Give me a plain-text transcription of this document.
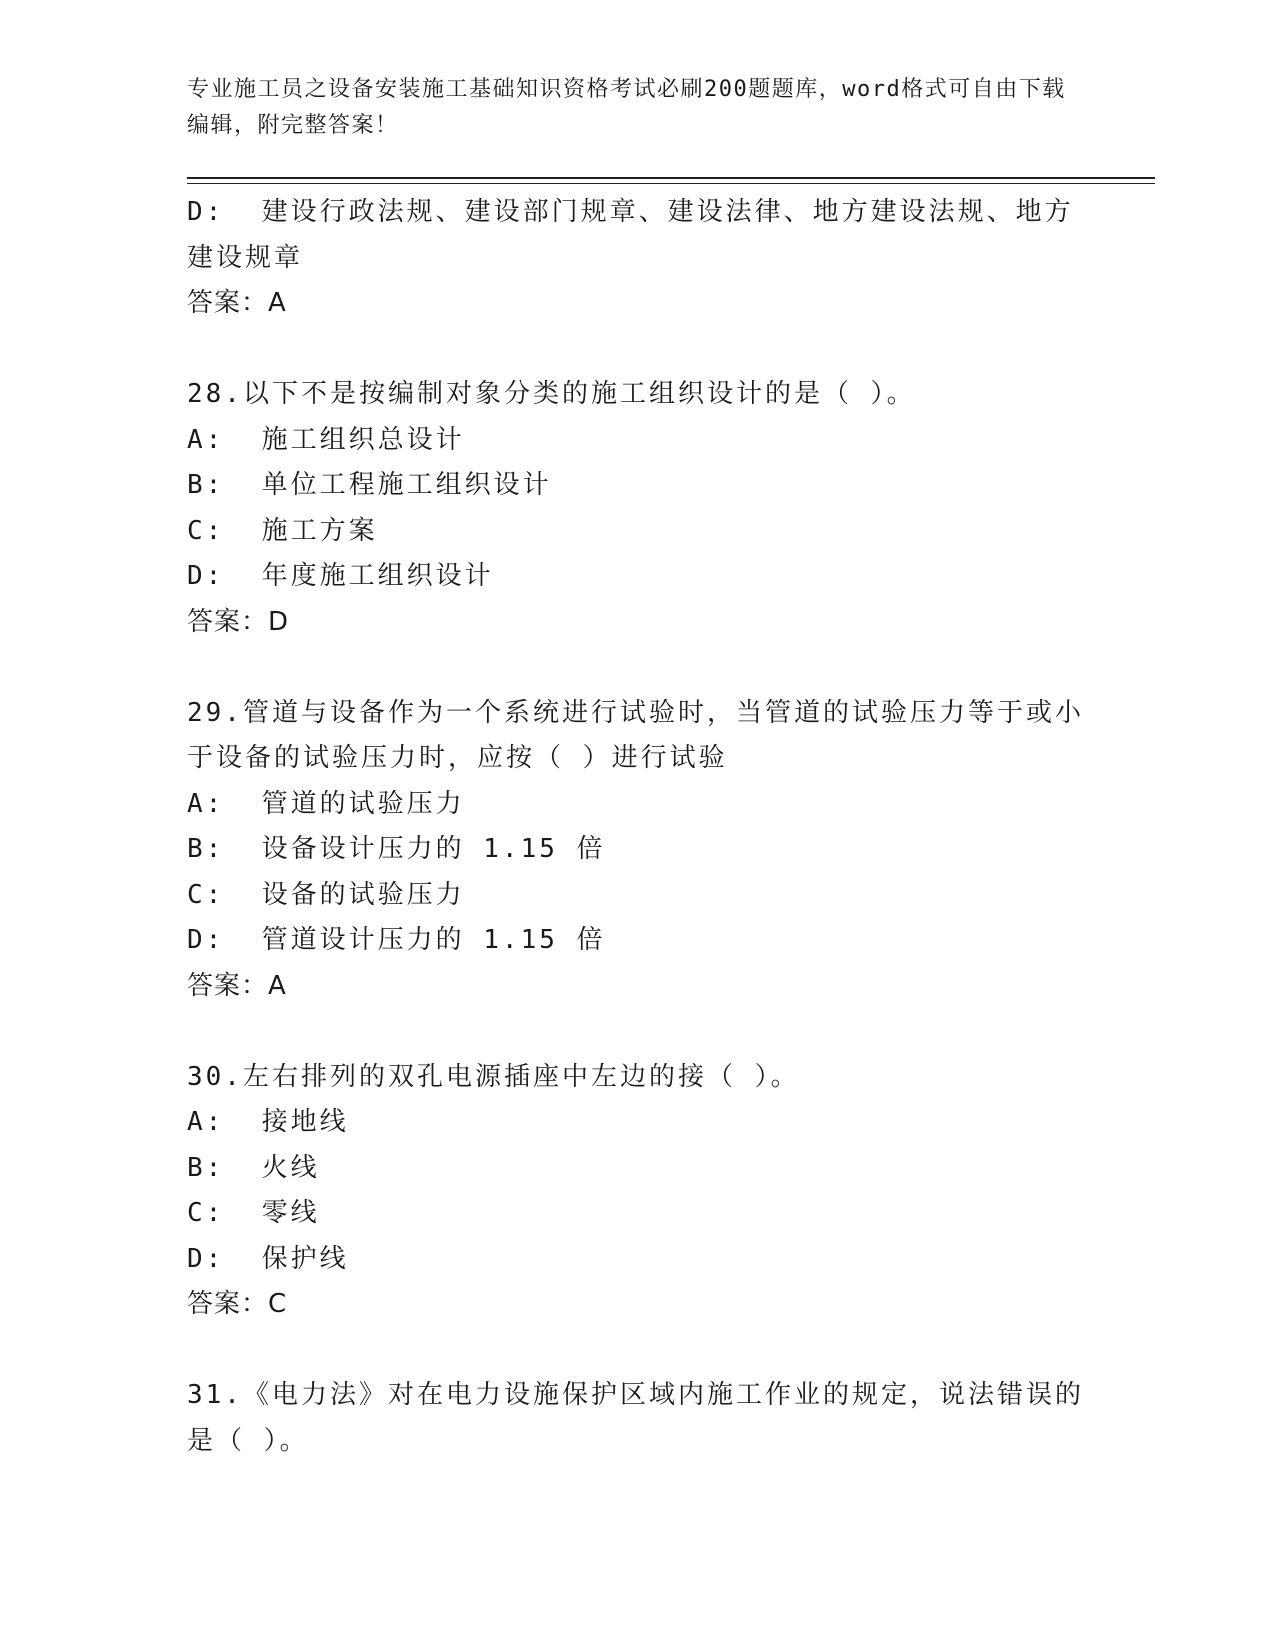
专业施工员之设备安装施工基础知识资格考试必刷200题题库，word格式可自由下载编辑，附完整答案！
D:  建设行政法规、建设部门规章、建设法律、地方建设法规、地方建设规章
答案：A
28.以下不是按编制对象分类的施工组织设计的是（ ）。
A:  施工组织总设计
B:  单位工程施工组织设计
C:  施工方案
D:  年度施工组织设计
答案：D
29.管道与设备作为一个系统进行试验时，当管道的试验压力等于或小于设备的试验压力时，应按（ ）进行试验
A:  管道的试验压力
B:  设备设计压力的 1.15 倍
C:  设备的试验压力
D:  管道设计压力的 1.15 倍
答案：A
30.左右排列的双孔电源插座中左边的接（ ）。
A:  接地线
B:  火线
C:  零线
D:  保护线
答案：C
31.《电力法》对在电力设施保护区域内施工作业的规定，说法错误的是（ ）。
